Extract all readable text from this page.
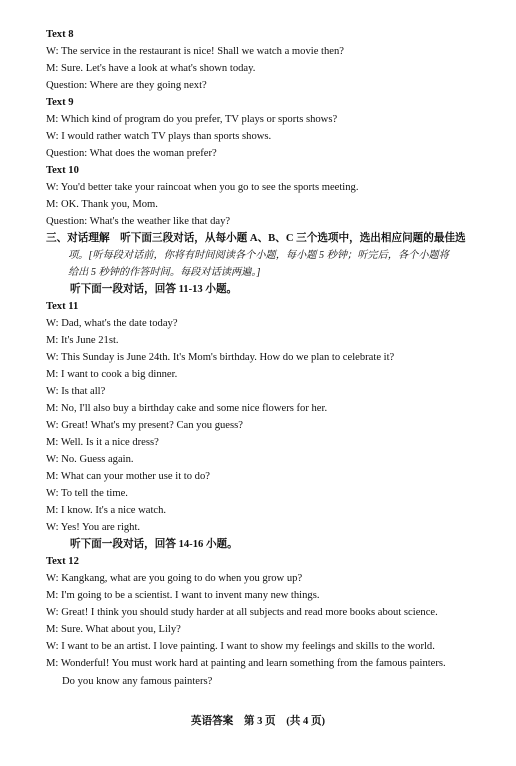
Text 8
W: The service in the restaurant is nice! Shall we watch a movie then?
M: Sure. Let's have a look at what's shown today.
Question: Where are they going next?
Text 9
M: Which kind of program do you prefer, TV plays or sports shows?
W: I would rather watch TV plays than sports shows.
Question: What does the woman prefer?
Text 10
W: You'd better take your raincoat when you go to see the sports meeting.
M: OK. Thank you, Mom.
Question: What's the weather like that day?
三、对话理解　听下面三段对话，从每小题 A、B、C 三个选项中，选出相应问题的最佳选
项。[听每段对话前，你将有时间阅读各个小题，每小题 5 秒钟；听完后，各个小题将
给出 5 秒钟的作答时间。每段对话读两遍。]
听下面一段对话，回答 11-13 小题。
Text 11
W: Dad, what's the date today?
M: It's June 21st.
W: This Sunday is June 24th. It's Mom's birthday. How do we plan to celebrate it?
M: I want to cook a big dinner.
W: Is that all?
M: No, I'll also buy a birthday cake and some nice flowers for her.
W: Great! What's my present? Can you guess?
M: Well. Is it a nice dress?
W: No. Guess again.
M: What can your mother use it to do?
W: To tell the time.
M: I know. It's a nice watch.
W: Yes! You are right.
听下面一段对话，回答 14-16 小题。
Text 12
W: Kangkang, what are you going to do when you grow up?
M: I'm going to be a scientist. I want to invent many new things.
W: Great! I think you should study harder at all subjects and read more books about science.
M: Sure. What about you, Lily?
W: I want to be an artist. I love painting. I want to show my feelings and skills to the world.
M: Wonderful! You must work hard at painting and learn something from the famous painters.
Do you know any famous painters?
英语答案　第 3 页　(共 4 页)
